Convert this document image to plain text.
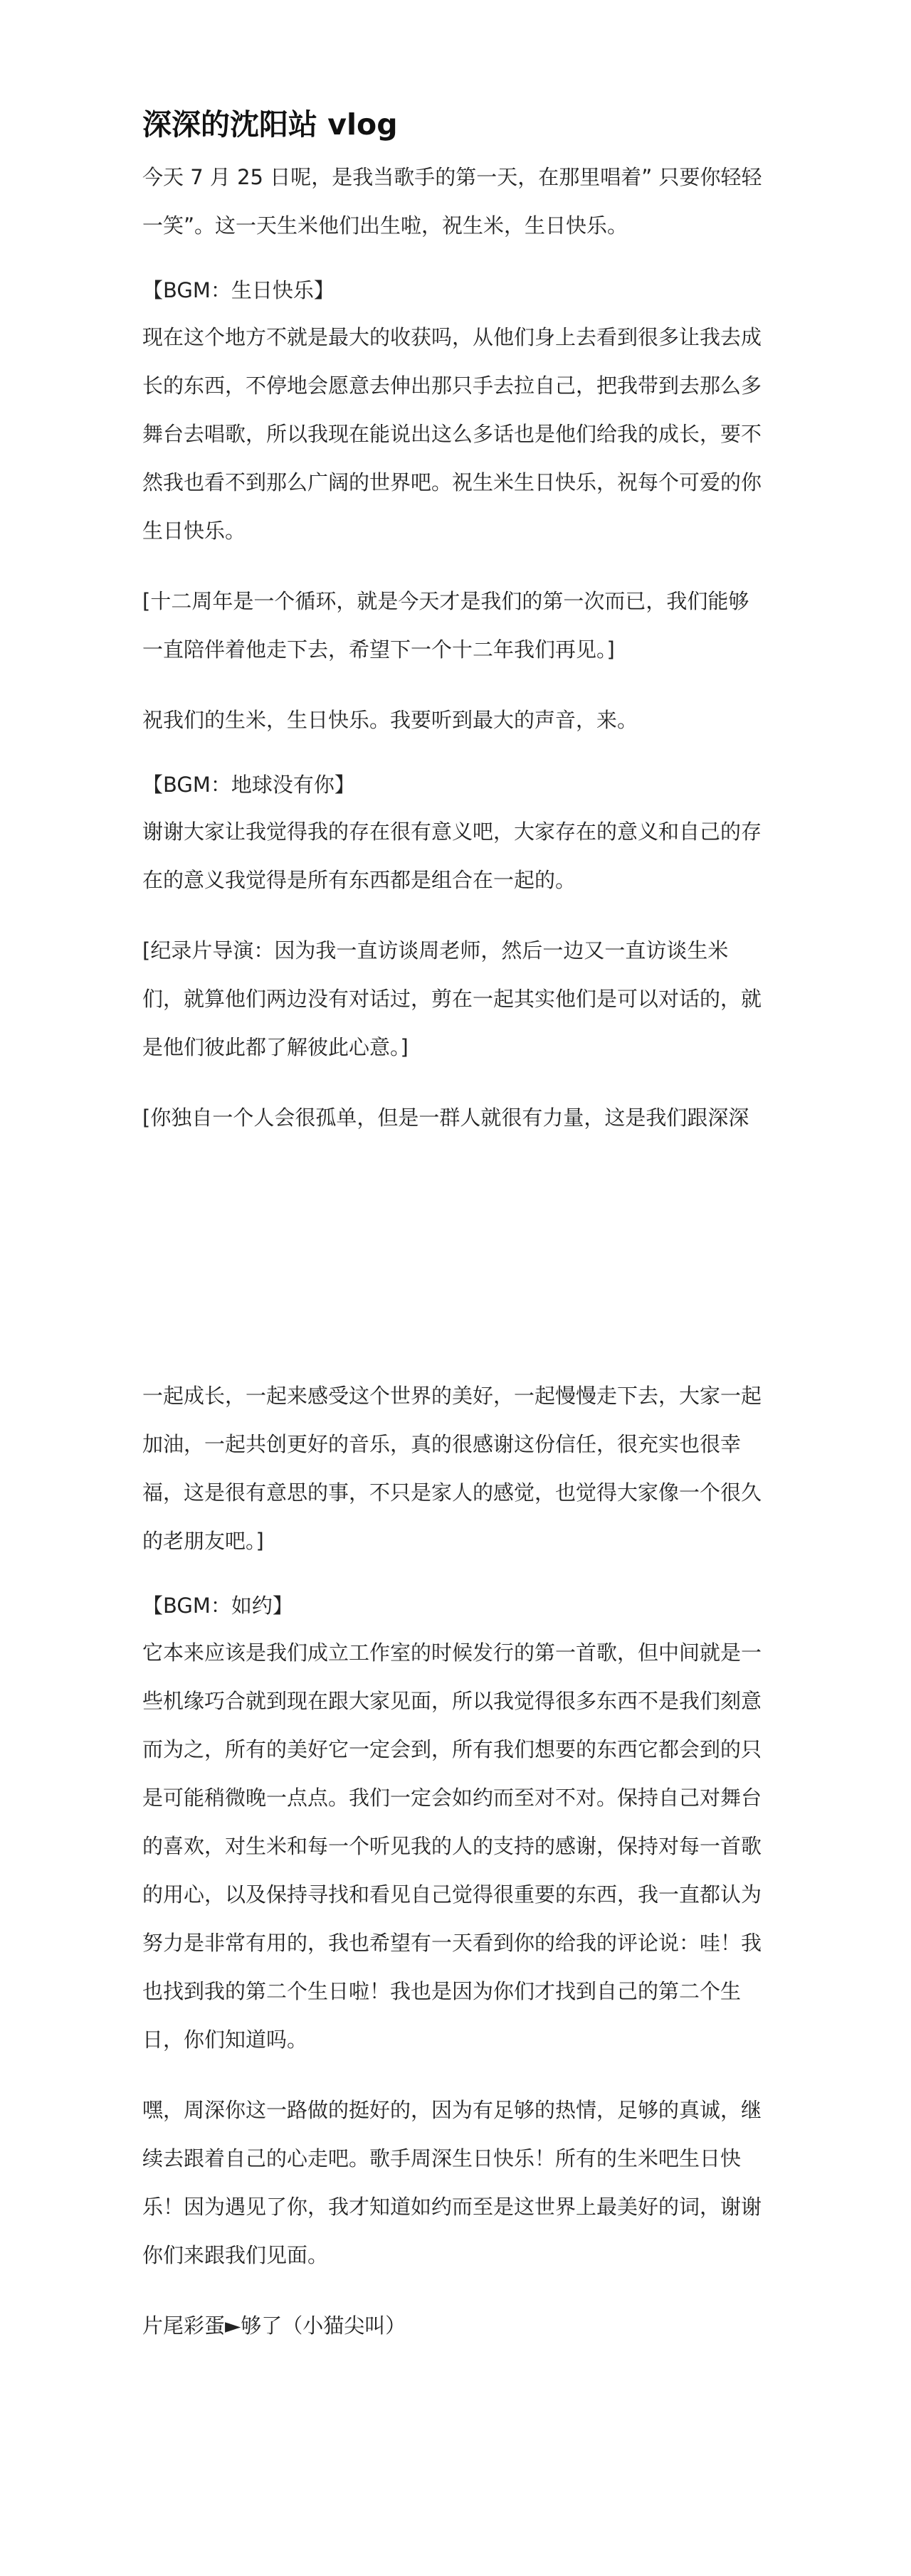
深深的沈阳站 vlog

今天 7 月 25 日呢，是我当歌手的第一天，在那里唱着” 只要你轻轻一笑”。这一天生米他们出生啦，祝生米，生日快乐。

【BGM：生日快乐】

现在这个地方不就是最大的收获吗，从他们身上去看到很多让我去成长的东西，不停地会愿意去伸出那只手去拉自己，把我带到去那么多舞台去唱歌，所以我现在能说出这么多话也是他们给我的成长，要不然我也看不到那么广阔的世界吧。祝生米生日快乐，祝每个可爱的你生日快乐。

[十二周年是一个循环，就是今天才是我们的第一次而已，我们能够一直陪伴着他走下去，希望下一个十二年我们再见。]

祝我们的生米，生日快乐。我要听到最大的声音，来。

【BGM：地球没有你】

谢谢大家让我觉得我的存在很有意义吧，大家存在的意义和自己的存在的意义我觉得是所有东西都是组合在一起的。

[纪录片导演：因为我一直访谈周老师，然后一边又一直访谈生米们，就算他们两边没有对话过，剪在一起其实他们是可以对话的，就是他们彼此都了解彼此心意。]

[你独自一个人会很孤单，但是一群人就很有力量，这是我们跟深深

一起成长，一起来感受这个世界的美好，一起慢慢走下去，大家一起加油，一起共创更好的音乐，真的很感谢这份信任，很充实也很幸福，这是很有意思的事，不只是家人的感觉，也觉得大家像一个很久的老朋友吧。]

【BGM：如约】

它本来应该是我们成立工作室的时候发行的第一首歌，但中间就是一些机缘巧合就到现在跟大家见面，所以我觉得很多东西不是我们刻意而为之，所有的美好它一定会到，所有我们想要的东西它都会到的只是可能稍微晚一点点。我们一定会如约而至对不对。保持自己对舞台的喜欢，对生米和每一个听见我的人的支持的感谢，保持对每一首歌的用心，以及保持寻找和看见自己觉得很重要的东西，我一直都认为努力是非常有用的，我也希望有一天看到你的给我的评论说：哇！我也找到我的第二个生日啦！我也是因为你们才找到自己的第二个生日，你们知道吗。

嘿，周深你这一路做的挺好的，因为有足够的热情，足够的真诚，继续去跟着自己的心走吧。歌手周深生日快乐！所有的生米吧生日快乐！因为遇见了你，我才知道如约而至是这世界上最美好的词，谢谢你们来跟我们见面。

片尾彩蛋►够了（小猫尖叫）
